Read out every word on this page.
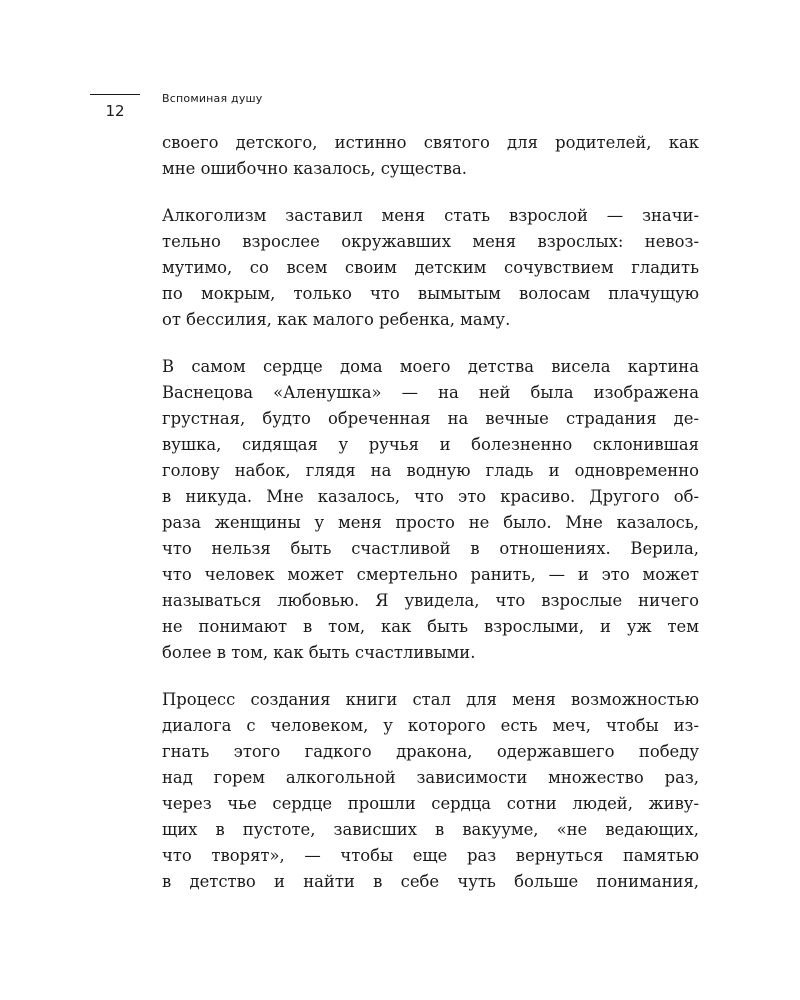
12
Вспоминая душу

своего детского, истинно святого для родителей, как
мне ошибочно казалось, существа.

Алкоголизм заставил меня стать взрослой — значи-
тельно взрослее окружавших меня взрослых: невоз-
мутимо, со всем своим детским сочувствием гладить
по мокрым, только что вымытым волосам плачущую
от бессилия, как малого ребенка, маму.

В самом сердце дома моего детства висела картина
Васнецова «Аленушка» — на ней была изображена
грустная, будто обреченная на вечные страдания де-
вушка, сидящая у ручья и болезненно склонившая
голову набок, глядя на водную гладь и одновременно
в никуда. Мне казалось, что это красиво. Другого об-
раза женщины у меня просто не было. Мне казалось,
что нельзя быть счастливой в отношениях. Верила,
что человек может смертельно ранить, — и это может
называться любовью. Я увидела, что взрослые ничего
не понимают в том, как быть взрослыми, и уж тем
более в том, как быть счастливыми.

Процесс создания книги стал для меня возможностью
диалога с человеком, у которого есть меч, чтобы из-
гнать этого гадкого дракона, одержавшего победу
над горем алкогольной зависимости множество раз,
через чье сердце прошли сердца сотни людей, живу-
щих в пустоте, зависших в вакууме, «не ведающих,
что творят», — чтобы еще раз вернуться памятью
в детство и найти в себе чуть больше понимания,
